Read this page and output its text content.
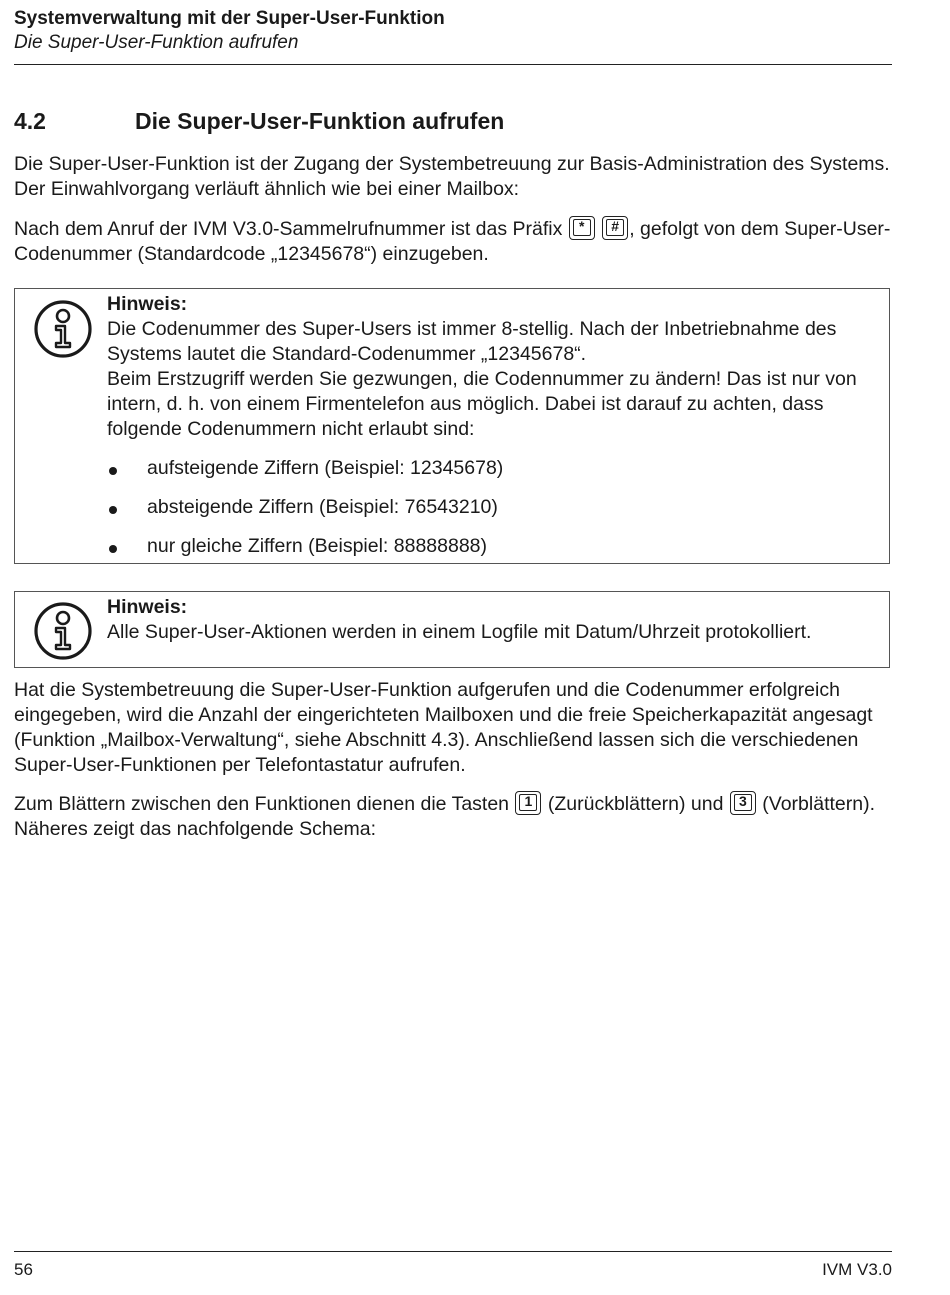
Systemverwaltung mit der Super-User-Funktion
Die Super-User-Funktion aufrufen
4.2	Die Super-User-Funktion aufrufen

Die Super-User-Funktion ist der Zugang der Systembetreuung zur Basis-Administration des Systems. Der Einwahlvorgang verläuft ähnlich wie bei einer Mailbox:

Nach dem Anruf der IVM V3.0-Sammelrufnummer ist das Präfix *
	# , gefolgt von dem Super-User-Codenummer (Standardcode „12345678“) einzugeben.

Hinweis:
Die Codenummer des Super-Users ist immer 8-stellig. Nach der Inbetriebnahme des Systems lautet die Standard-Codenummer „12345678“.
Beim Erstzugriff werden Sie gezwungen, die Codennummer zu ändern! Das ist nur von intern, d. h. von einem Firmentelefon aus möglich. Dabei ist darauf zu achten, dass folgende Codenummern nicht erlaubt sind:
aufsteigende Ziffern (Beispiel: 12345678)
absteigende Ziffern (Beispiel: 76543210)
nur gleiche Ziffern (Beispiel: 88888888)
Hinweis:
Alle Super-User-Aktionen werden in einem Logfile mit Datum/Uhrzeit protokolliert.

Hat die Systembetreuung die Super-User-Funktion aufgerufen und die Codenummer erfolgreich eingegeben, wird die Anzahl der eingerichteten Mailboxen und die freie Speicherkapazität angesagt (Funktion „Mailbox-Verwaltung“, siehe Abschnitt 4.3). Anschließend lassen sich die verschiedenen Super-User-Funktionen per Telefontastatur aufrufen.

Zum Blättern zwischen den Funktionen dienen die Tasten 1 (Zurückblättern) und 3 (Vorblättern). Näheres zeigt das nachfolgende Schema:

56	IVM V3.0
